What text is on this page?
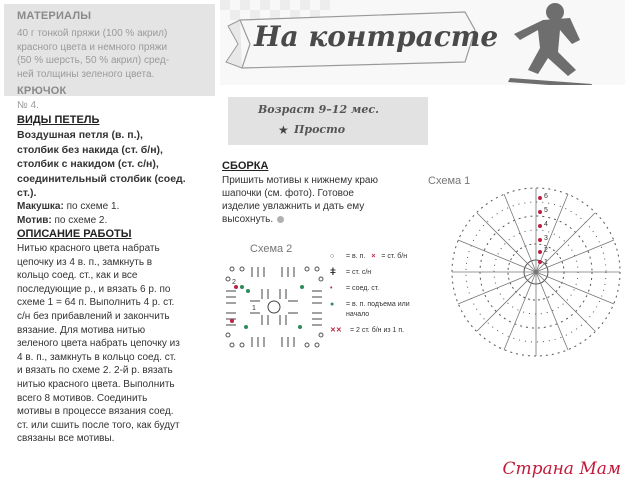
МАТЕРИАЛЫ
40 г тонкой пряжи (100 % акрил)
красного цвета и немного пряжи
(50 % шерсть, 50 % акрил) сред-
ней толщины зеленого цвета.
КРЮЧОК
№ 4.
ВИДЫ ПЕТЕЛЬ
Воздушная петля (в. п.),
столбик без накида (ст. б/н),
столбик с накидом (ст. с/н),
соединительный столбик (соед.
ст.).
Макушка: по схеме 1.
Мотив: по схеме 2.
ОПИСАНИЕ РАБОТЫ
Нитью красного цвета набрать
цепочку из 4 в. п., замкнуть в
кольцо соед. ст., как и все
последующие р., и вязать 6 р. по
схеме 1 = 64 п. Выполнить 4 р. ст.
с/н без прибавлений и закончить
вязание. Для мотива нитью
зеленого цвета набрать цепочку из
4 в. п., замкнуть в кольцо соед. ст.
и вязать по схеме 2. 2-й р. вязать
нитью красного цвета. Выполнить
всего 8 мотивов. Соединить
мотивы в процессе вязания соед.
ст. или сшить после того, как будут
связаны все мотивы.
На контрасте
Возраст 9–12 мес.
★ Просто
СБОРКА
Пришить мотивы к нижнему краю
шапочки (см. фото). Готовое
изделие увлажнить и дать ему
высохнуть.
Схема 2
2
1
○	= в. п. × = ст. б/н
ǂ	= ст. с/н
•	= соед. ст.
●	= в. п. подъема или начало
✕✕	= 2 ст. б/н из 1 п.
Схема 1
6
5
4
3
2
1
Страна Мам
